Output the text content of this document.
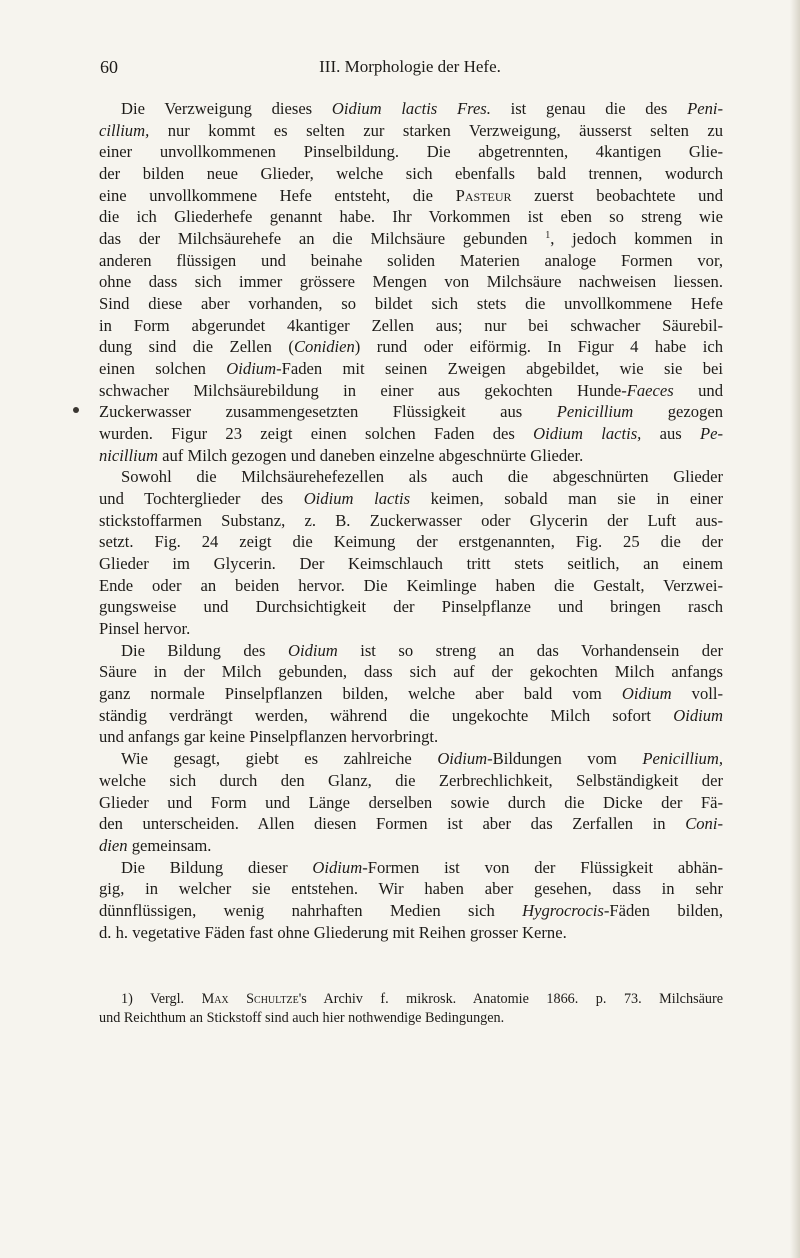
60	III. Morphologie der Hefe.
Die Verzweigung dieses Oidium lactis Fres. ist genau die des Peni-
cillium, nur kommt es selten zur starken Verzweigung, äusserst selten zu
einer unvollkommenen Pinselbildung. Die abgetrennten, 4kantigen Glie-
der bilden neue Glieder, welche sich ebenfalls bald trennen, wodurch
eine unvollkommene Hefe entsteht, die Pasteur zuerst beobachtete und
die ich Gliederhefe genannt habe. Ihr Vorkommen ist eben so streng wie
das der Milchsäurehefe an die Milchsäure gebunden $^1$, jedoch kommen in
anderen flüssigen und beinahe soliden Materien analoge Formen vor,
ohne dass sich immer grössere Mengen von Milchsäure nachweisen liessen.
Sind diese aber vorhanden, so bildet sich stets die unvollkommene Hefe
in Form abgerundet 4kantiger Zellen aus; nur bei schwacher Säurebil-
dung sind die Zellen (Conidien) rund oder eiförmig. In Figur 4 habe ich
einen solchen Oidium-Faden mit seinen Zweigen abgebildet, wie sie bei
schwacher Milchsäurebildung in einer aus gekochten Hunde-Faeces und
Zuckerwasser zusammengesetzten Flüssigkeit aus Penicillium gezogen
wurden. Figur 23 zeigt einen solchen Faden des Oidium lactis, aus Pe-
nicillium auf Milch gezogen und daneben einzelne abgeschnürte Glieder.
Sowohl die Milchsäurehefezellen als auch die abgeschnürten Glieder
und Tochterglieder des Oidium lactis keimen, sobald man sie in einer
stickstoffarmen Substanz, z. B. Zuckerwasser oder Glycerin der Luft aus-
setzt. Fig. 24 zeigt die Keimung der erstgenannten, Fig. 25 die der
Glieder im Glycerin. Der Keimschlauch tritt stets seitlich, an einem
Ende oder an beiden hervor. Die Keimlinge haben die Gestalt, Verzwei-
gungsweise und Durchsichtigkeit der Pinselpflanze und bringen rasch
Pinsel hervor.
Die Bildung des Oidium ist so streng an das Vorhandensein der
Säure in der Milch gebunden, dass sich auf der gekochten Milch anfangs
ganz normale Pinselpflanzen bilden, welche aber bald vom Oidium voll-
ständig verdrängt werden, während die ungekochte Milch sofort Oidium
und anfangs gar keine Pinselpflanzen hervorbringt.
Wie gesagt, giebt es zahlreiche Oidium-Bildungen vom Penicillium,
welche sich durch den Glanz, die Zerbrechlichkeit, Selbständigkeit der
Glieder und Form und Länge derselben sowie durch die Dicke der Fä-
den unterscheiden. Allen diesen Formen ist aber das Zerfallen in Coni-
dien gemeinsam.
Die Bildung dieser Oidium-Formen ist von der Flüssigkeit abhän-
gig, in welcher sie entstehen. Wir haben aber gesehen, dass in sehr
dünnflüssigen, wenig nahrhaften Medien sich Hygrocrocis-Fäden bilden,
d. h. vegetative Fäden fast ohne Gliederung mit Reihen grosser Kerne.
1) Vergl. Max Schultze's Archiv f. mikrosk. Anatomie 1866. p. 73. Milchsäure
und Reichthum an Stickstoff sind auch hier nothwendige Bedingungen.
